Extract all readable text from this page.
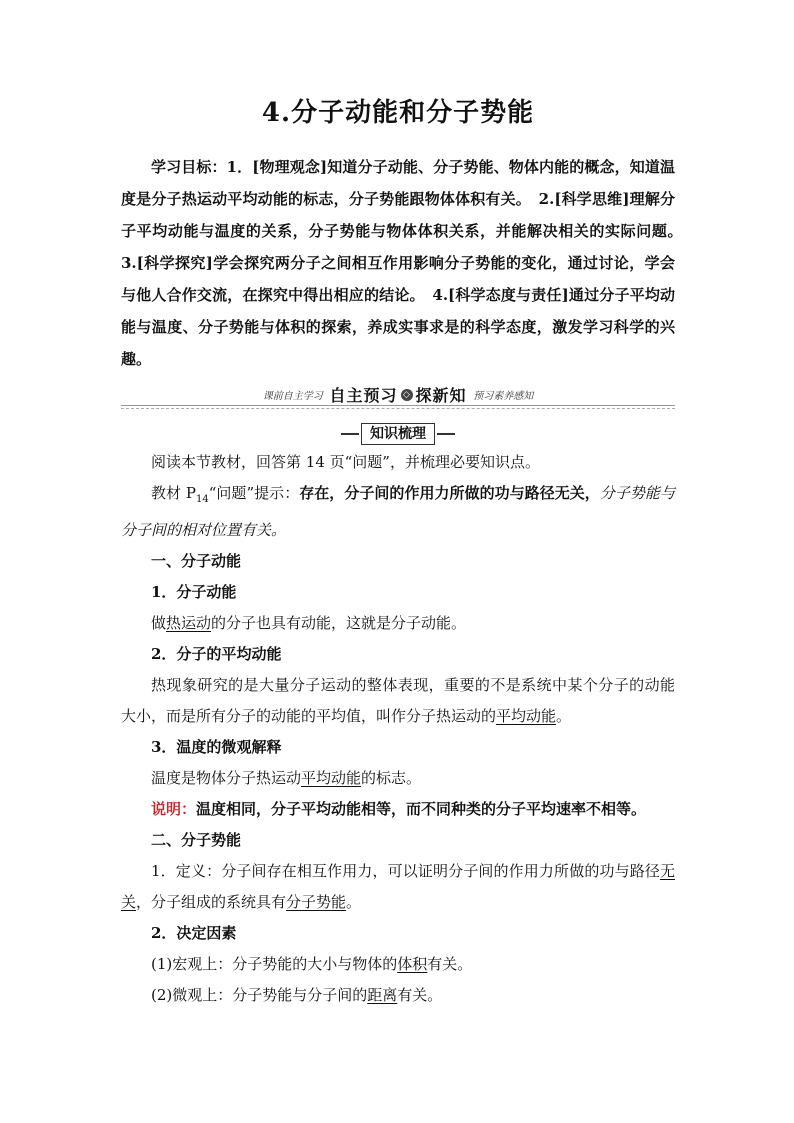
4.分子动能和分子势能

学习目标：1．[物理观念]知道分子动能、分子势能、物体内能的概念，知道温度是分子热运动平均动能的标志，分子势能跟物体体积有关。　2.[科学思维]理解分子平均动能与温度的关系，分子势能与物体体积关系，并能解决相关的实际问题。　3.[科学探究]学会探究两分子之间相互作用影响分子势能的变化，通过讨论，学会与他人合作交流，在探究中得出相应的结论。　4.[科学态度与责任]通过分子平均动能与温度、分子势能与体积的探索，养成实事求是的科学态度，激发学习科学的兴趣。

课前自主学习 自主预习 ◇ 探新知 预习素养感知
知识梳理

阅读本节教材，回答第 14 页“问题”，并梳理必要知识点。

教材 $P_{14}“$问题”提示：存在，分子间的作用力所做的功与路径无关，分子势能与分子间的相对位置有关。

一、分子动能

1．分子动能

做热运动的分子也具有动能，这就是分子动能。

2．分子的平均动能

热现象研究的是大量分子运动的整体表现，重要的不是系统中某个分子的动能大小，而是所有分子的动能的平均值，叫作分子热运动的平均动能。

3．温度的微观解释

温度是物体分子热运动平均动能的标志。

说明：温度相同，分子平均动能相等，而不同种类的分子平均速率不相等。

二、分子势能

1．定义：分子间存在相互作用力，可以证明分子间的作用力所做的功与路径无关，分子组成的系统具有分子势能。

2．决定因素

(1)宏观上：分子势能的大小与物体的体积有关。

(2)微观上：分子势能与分子间的距离有关。
